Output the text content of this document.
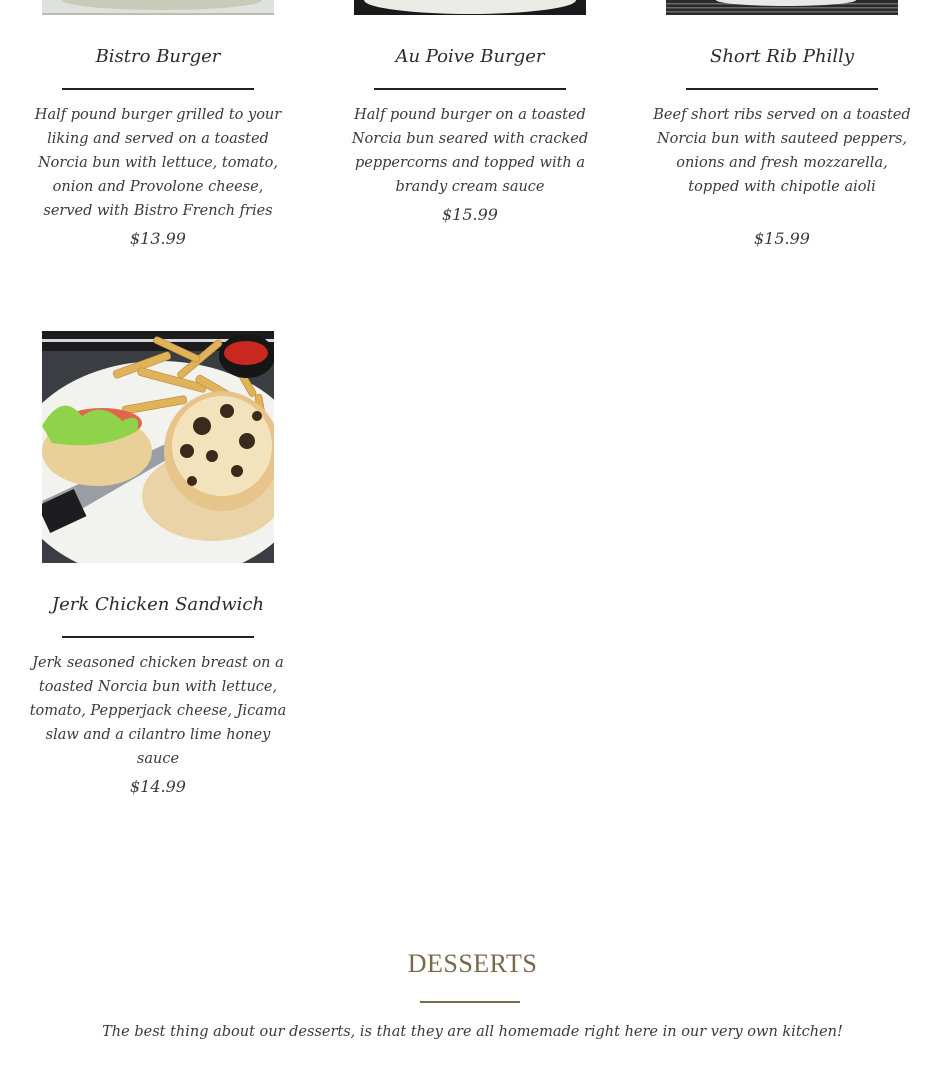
Bistro Burger
Half pound burger grilled to your liking and served on a toasted Norcia bun with lettuce, tomato, onion and Provolone cheese, served with Bistro French fries
$13.99
Au Poive Burger
Half pound burger on a toasted Norcia bun seared with cracked peppercorns and topped with a brandy cream sauce
$15.99
Short Rib Philly
Beef short ribs served on a toasted Norcia bun with sauteed peppers, onions and fresh mozzarella, topped with chipotle aioli
$15.99
Jerk Chicken Sandwich
Jerk seasoned chicken breast on a toasted Norcia bun with lettuce, tomato, Pepperjack cheese, Jicama slaw and a cilantro lime honey sauce
$14.99
DESSERTS
The best thing about our desserts, is that they are all homemade right here in our very own kitchen!
